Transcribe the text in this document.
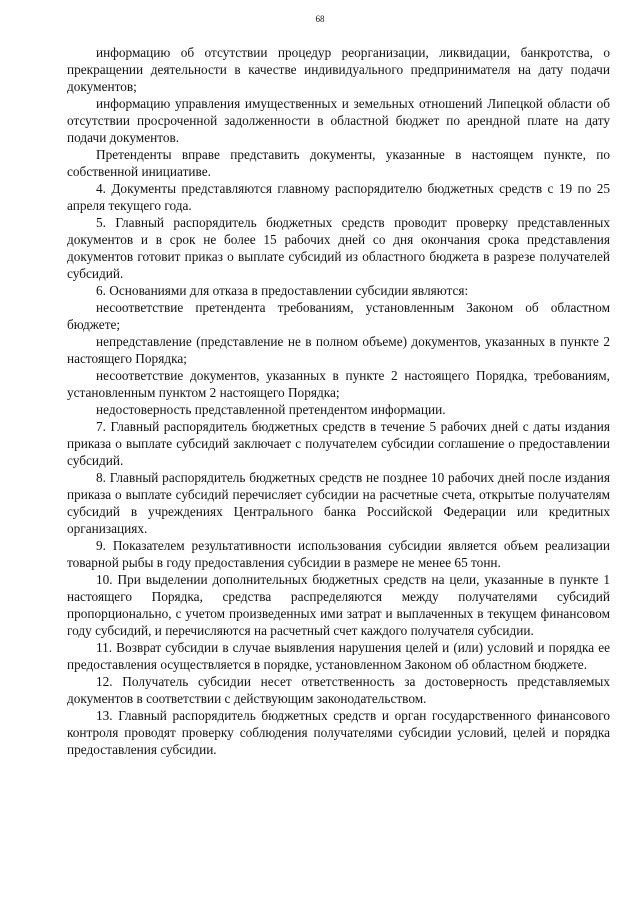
68

информацию об отсутствии процедур реорганизации, ликвидации, банкротства, о прекращении деятельности в качестве индивидуального предпринимателя на дату подачи документов;

информацию управления имущественных и земельных отношений Липецкой области об отсутствии просроченной задолженности в областной бюджет по арендной плате на дату подачи документов.

Претенденты вправе представить документы, указанные в настоящем пункте, по собственной инициативе.

4. Документы представляются главному распорядителю бюджетных средств с 19 по 25 апреля текущего года.

5. Главный распорядитель бюджетных средств проводит проверку представленных документов и в срок не более 15 рабочих дней со дня окончания срока представления документов готовит приказ о выплате субсидий из областного бюджета в разрезе получателей субсидий.

6. Основаниями для отказа в предоставлении субсидии являются:

несоответствие претендента требованиям, установленным Законом об областном бюджете;

непредставление (представление не в полном объеме) документов, указанных в пункте 2 настоящего Порядка;

несоответствие документов, указанных в пункте 2 настоящего Порядка, требованиям, установленным пунктом 2 настоящего Порядка;

недостоверность представленной претендентом информации.

7. Главный распорядитель бюджетных средств в течение 5 рабочих дней с даты издания приказа о выплате субсидий заключает с получателем субсидии соглашение о предоставлении субсидий.

8. Главный распорядитель бюджетных средств не позднее 10 рабочих дней после издания приказа о выплате субсидий перечисляет субсидии на расчетные счета, открытые получателям субсидий в учреждениях Центрального банка Российской Федерации или кредитных организациях.

9. Показателем результативности использования субсидии является объем реализации товарной рыбы в году предоставления субсидии в размере не менее 65 тонн.

10. При выделении дополнительных бюджетных средств на цели, указанные в пункте 1 настоящего Порядка, средства распределяются между получателями субсидий пропорционально, с учетом произведенных ими затрат и выплаченных в текущем финансовом году субсидий, и перечисляются на расчетный счет каждого получателя субсидии.

11. Возврат субсидии в случае выявления нарушения целей и (или) условий и порядка ее предоставления осуществляется в порядке, установленном Законом об областном бюджете.

12. Получатель субсидии несет ответственность за достоверность представляемых документов в соответствии с действующим законодательством.

13. Главный распорядитель бюджетных средств и орган государственного финансового контроля проводят проверку соблюдения получателями субсидии условий, целей и порядка предоставления субсидии.
